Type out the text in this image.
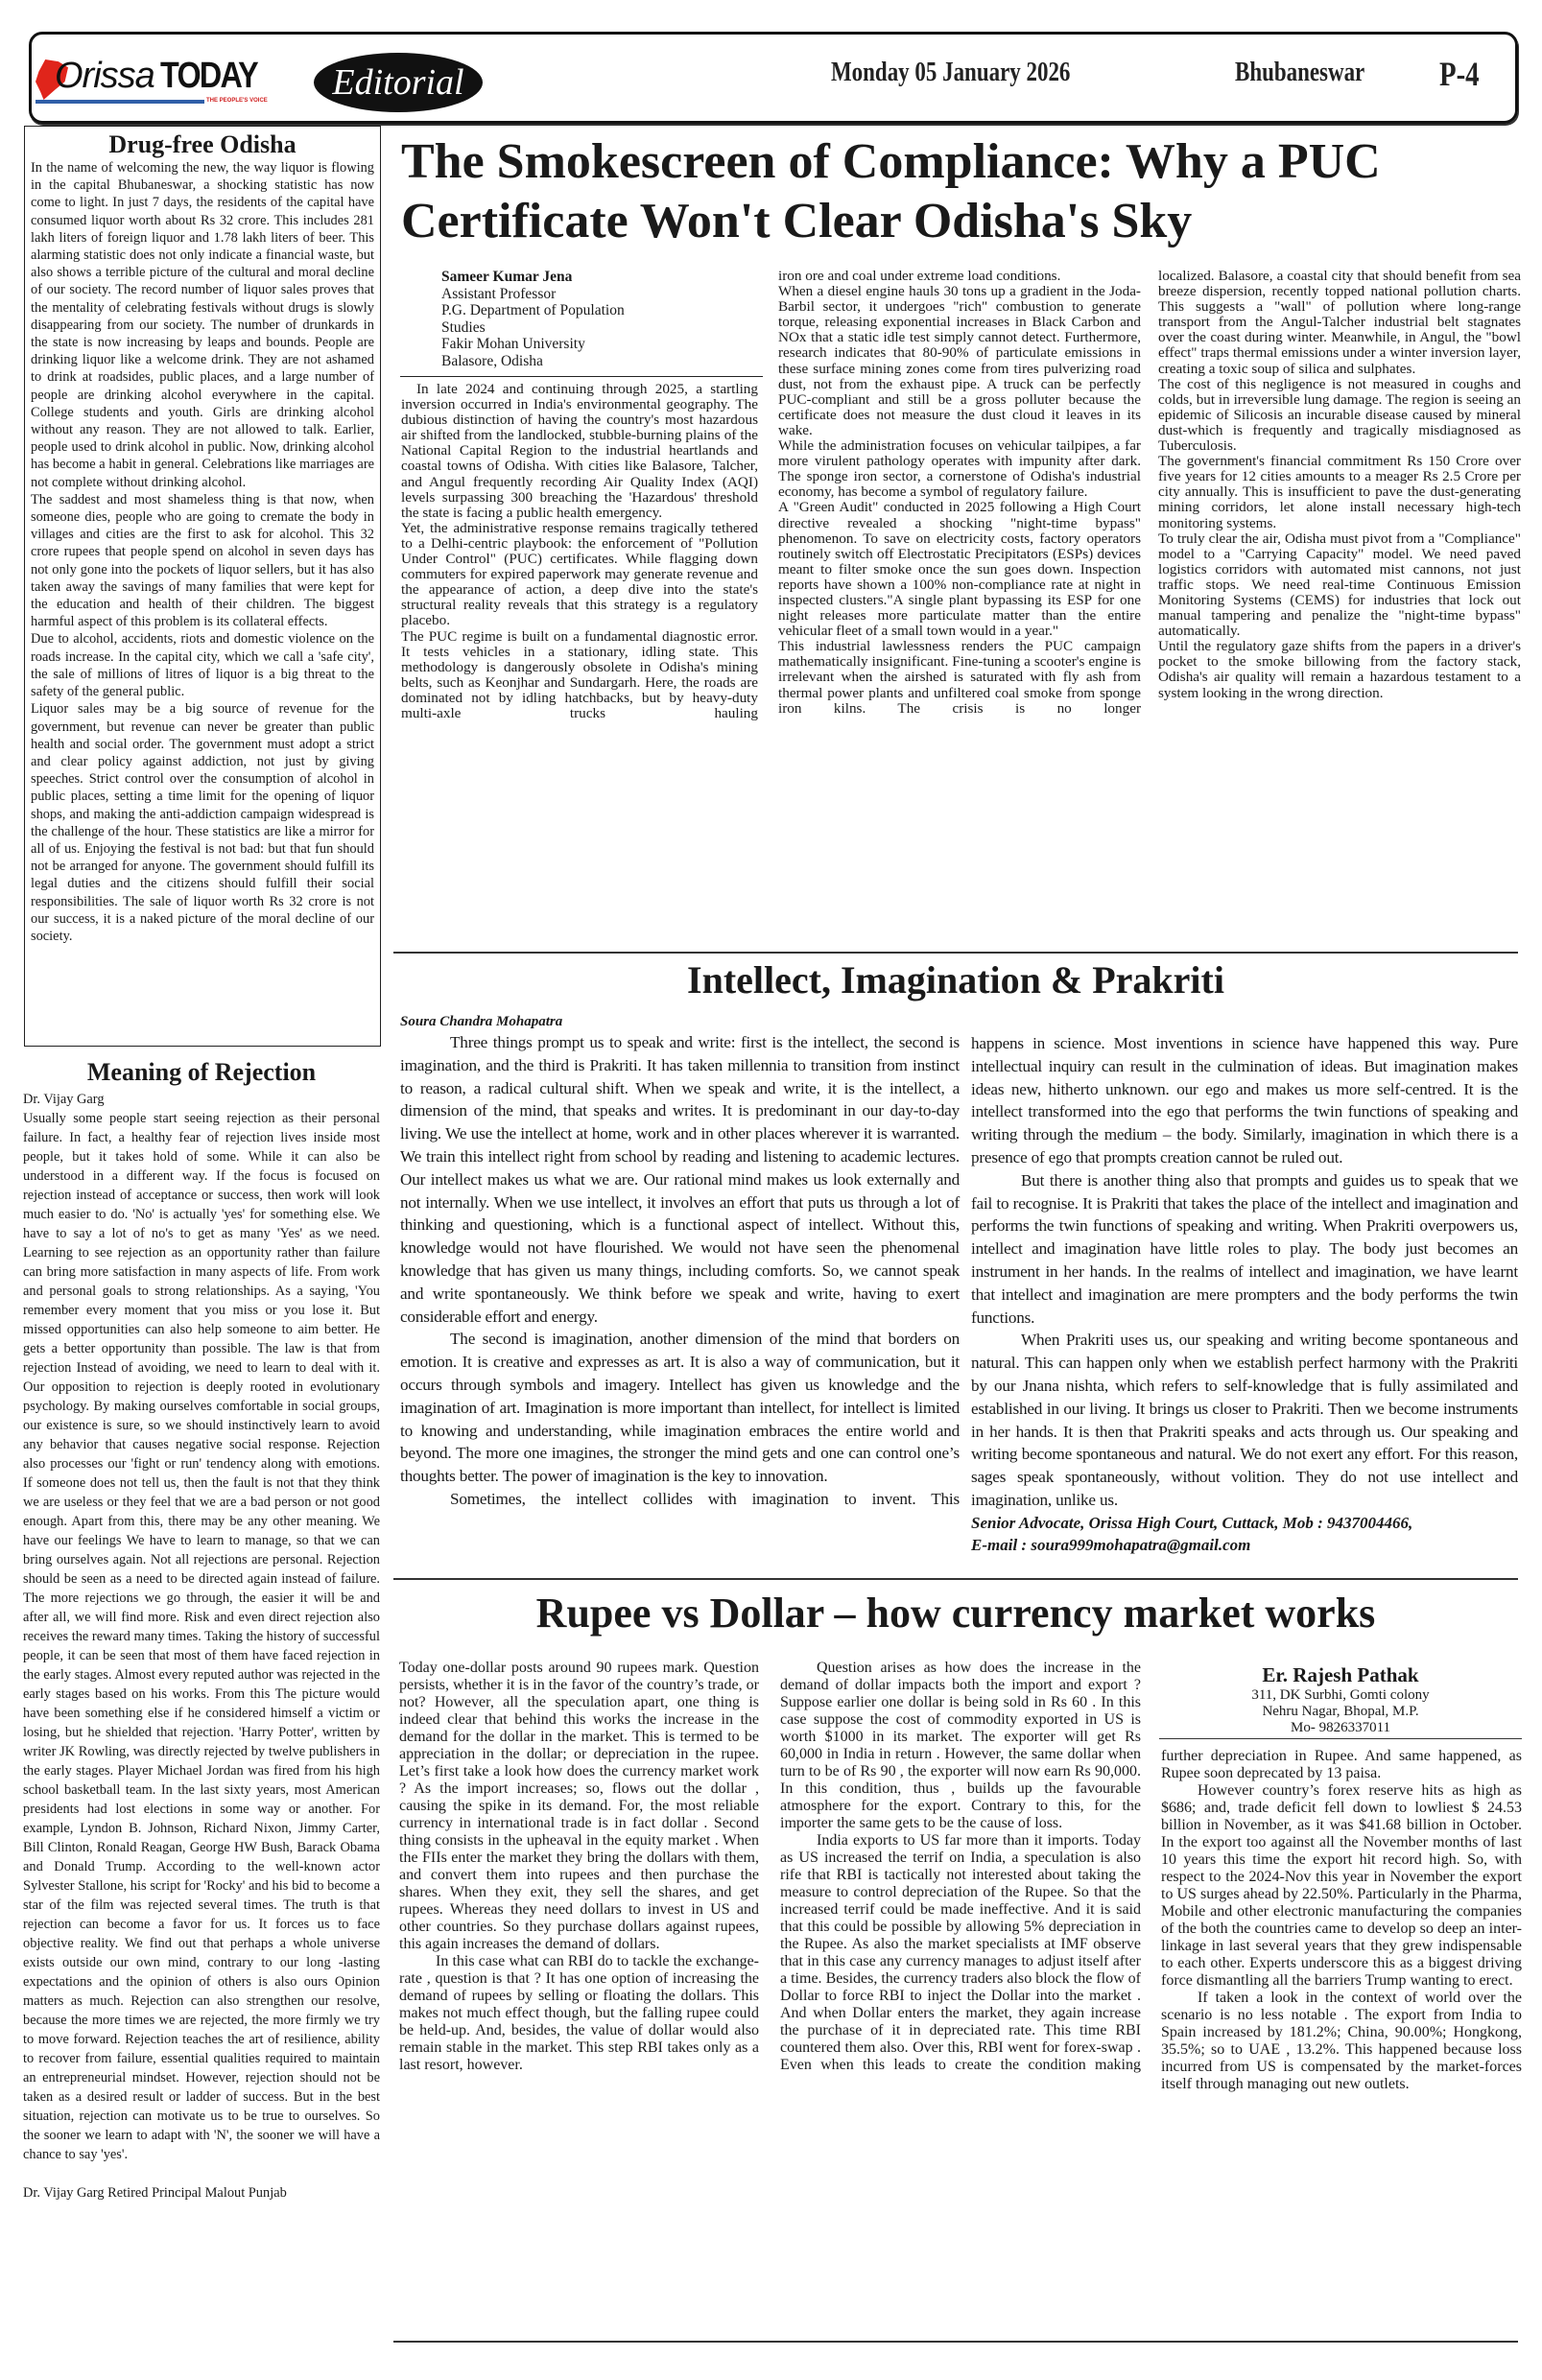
Orissa TODAY
THE PEOPLE'S VOICE	Editorial	Monday 05 January 2026	Bhubaneswar P-4
Drug-free Odisha

In the name of welcoming the new, the way liquor is flowing in the capital Bhubaneswar, a shocking statistic has now come to light. In just 7 days, the residents of the capital have consumed liquor worth about Rs 32 crore. This includes 281 lakh liters of foreign liquor and 1.78 lakh liters of beer. This alarming statistic does not only indicate a financial waste, but also shows a terrible picture of the cultural and moral decline of our society. The record number of liquor sales proves that the mentality of celebrating festivals without drugs is slowly disappearing from our society. The number of drunkards in the state is now increasing by leaps and bounds. People are drinking liquor like a welcome drink. They are not ashamed to drink at roadsides, public places, and a large number of people are drinking alcohol everywhere in the capital. College students and youth. Girls are drinking alcohol without any reason. They are not allowed to talk. Earlier, people used to drink alcohol in public. Now, drinking alcohol has become a habit in general. Celebrations like marriages are not complete without drinking alcohol.

The saddest and most shameless thing is that now, when someone dies, people who are going to cremate the body in villages and cities are the first to ask for alcohol. This 32 crore rupees that people spend on alcohol in seven days has not only gone into the pockets of liquor sellers, but it has also taken away the savings of many families that were kept for the education and health of their children. The biggest harmful aspect of this problem is its collateral effects.

Due to alcohol, accidents, riots and domestic violence on the roads increase. In the capital city, which we call a 'safe city', the sale of millions of litres of liquor is a big threat to the safety of the general public.

Liquor sales may be a big source of revenue for the government, but revenue can never be greater than public health and social order. The government must adopt a strict and clear policy against addiction, not just by giving speeches. Strict control over the consumption of alcohol in public places, setting a time limit for the opening of liquor shops, and making the anti-addiction campaign widespread is the challenge of the hour. These statistics are like a mirror for all of us. Enjoying the festival is not bad: but that fun should not be arranged for anyone. The government should fulfill its legal duties and the citizens should fulfill their social responsibilities. The sale of liquor worth Rs 32 crore is not our success, it is a naked picture of the moral decline of our society.

Meaning of Rejection

Dr. Vijay Garg

Usually some people start seeing rejection as their personal failure. In fact, a healthy fear of rejection lives inside most people, but it takes hold of some. While it can also be understood in a different way. If the focus is focused on rejection instead of acceptance or success, then work will look much easier to do. 'No' is actually 'yes' for something else. We have to say a lot of no's to get as many 'Yes' as we need. Learning to see rejection as an opportunity rather than failure can bring more satisfaction in many aspects of life. From work and personal goals to strong relationships. As a saying, 'You remember every moment that you miss or you lose it. But missed opportunities can also help someone to aim better. He gets a better opportunity than possible. The law is that from rejection Instead of avoiding, we need to learn to deal with it. Our opposition to rejection is deeply rooted in evolutionary psychology. By making ourselves comfortable in social groups, our existence is sure, so we should instinctively learn to avoid any behavior that causes negative social response. Rejection also processes our 'fight or run' tendency along with emotions. If someone does not tell us, then the fault is not that they think we are useless or they feel that we are a bad person or not good enough. Apart from this, there may be any other meaning. We have our feelings We have to learn to manage, so that we can bring ourselves again. Not all rejections are personal. Rejection should be seen as a need to be directed again instead of failure. The more rejections we go through, the easier it will be and after all, we will find more. Risk and even direct rejection also receives the reward many times. Taking the history of successful people, it can be seen that most of them have faced rejection in the early stages. Almost every reputed author was rejected in the early stages based on his works. From this The picture would have been something else if he considered himself a victim or losing, but he shielded that rejection. 'Harry Potter', written by writer JK Rowling, was directly rejected by twelve publishers in the early stages. Player Michael Jordan was fired from his high school basketball team. In the last sixty years, most American presidents had lost elections in some way or another. For example, Lyndon B. Johnson, Richard Nixon, Jimmy Carter, Bill Clinton, Ronald Reagan, George HW Bush, Barack Obama and Donald Trump. According to the well-known actor Sylvester Stallone, his script for 'Rocky' and his bid to become a star of the film was rejected several times. The truth is that rejection can become a favor for us. It forces us to face objective reality. We find out that perhaps a whole universe exists outside our own mind, contrary to our long -lasting expectations and the opinion of others is also ours Opinion matters as much. Rejection can also strengthen our resolve, because the more times we are rejected, the more firmly we try to move forward. Rejection teaches the art of resilience, ability to recover from failure, essential qualities required to maintain an entrepreneurial mindset. However, rejection should not be taken as a desired result or ladder of success. But in the best situation, rejection can motivate us to be true to ourselves. So the sooner we learn to adapt with 'N', the sooner we will have a chance to say 'yes'.

Dr. Vijay Garg Retired Principal Malout Punjab

The Smokescreen of Compliance: Why a PUC Certificate Won't Clear Odisha's Sky
Sameer Kumar Jena
Assistant Professor
P.G. Department of Population
Studies
Fakir Mohan University
Balasore, Odisha

In late 2024 and continuing through 2025, a startling inversion occurred in India's environmental geography. The dubious distinction of having the country's most hazardous air shifted from the landlocked, stubble-burning plains of the National Capital Region to the industrial heartlands and coastal towns of Odisha. With cities like Balasore, Talcher, and Angul frequently recording Air Quality Index (AQI) levels surpassing 300 breaching the 'Hazardous' threshold the state is facing a public health emergency.

Yet, the administrative response remains tragically tethered to a Delhi-centric playbook: the enforcement of "Pollution Under Control" (PUC) certificates. While flagging down commuters for expired paperwork may generate revenue and the appearance of action, a deep dive into the state's structural reality reveals that this strategy is a regulatory placebo.

The PUC regime is built on a fundamental diagnostic error. It tests vehicles in a stationary, idling state. This methodology is dangerously obsolete in Odisha's mining belts, such as Keonjhar and Sundargarh. Here, the roads are dominated not by idling hatchbacks, but by heavy-duty multi-axle trucks hauling

iron ore and coal under extreme load conditions.

When a diesel engine hauls 30 tons up a gradient in the Joda-Barbil sector, it undergoes "rich" combustion to generate torque, releasing exponential increases in Black Carbon and NOx that a static idle test simply cannot detect. Furthermore, research indicates that 80-90% of particulate emissions in these surface mining zones come from tires pulverizing road dust, not from the exhaust pipe. A truck can be perfectly PUC-compliant and still be a gross polluter because the certificate does not measure the dust cloud it leaves in its wake.

While the administration focuses on vehicular tailpipes, a far more virulent pathology operates with impunity after dark. The sponge iron sector, a cornerstone of Odisha's industrial economy, has become a symbol of regulatory failure.

A "Green Audit" conducted in 2025 following a High Court directive revealed a shocking "night-time bypass" phenomenon. To save on electricity costs, factory operators routinely switch off Electrostatic Precipitators (ESPs) devices meant to filter smoke once the sun goes down. Inspection reports have shown a 100% non-compliance rate at night in inspected clusters."A single plant bypassing its ESP for one night releases more particulate matter than the entire vehicular fleet of a small town would in a year."

This industrial lawlessness renders the PUC campaign mathematically insignificant. Fine-tuning a scooter's engine is irrelevant when the airshed is saturated with fly ash from thermal power plants and unfiltered coal smoke from sponge iron kilns. The crisis is no longer

localized. Balasore, a coastal city that should benefit from sea breeze dispersion, recently topped national pollution charts. This suggests a "wall" of pollution where long-range transport from the Angul-Talcher industrial belt stagnates over the coast during winter. Meanwhile, in Angul, the "bowl effect" traps thermal emissions under a winter inversion layer, creating a toxic soup of silica and sulphates.

The cost of this negligence is not measured in coughs and colds, but in irreversible lung damage. The region is seeing an epidemic of Silicosis an incurable disease caused by mineral dust-which is frequently and tragically misdiagnosed as Tuberculosis.

The government's financial commitment Rs 150 Crore over five years for 12 cities amounts to a meager Rs 2.5 Crore per city annually. This is insufficient to pave the dust-generating mining corridors, let alone install necessary high-tech monitoring systems.

To truly clear the air, Odisha must pivot from a "Compliance" model to a "Carrying Capacity" model. We need paved logistics corridors with automated mist cannons, not just traffic stops. We need real-time Continuous Emission Monitoring Systems (CEMS) for industries that lock out manual tampering and penalize the "night-time bypass" automatically.

Until the regulatory gaze shifts from the papers in a driver's pocket to the smoke billowing from the factory stack, Odisha's air quality will remain a hazardous testament to a system looking in the wrong direction.

Intellect, Imagination & Prakriti

Soura Chandra Mohapatra

Three things prompt us to speak and write: first is the intellect, the second is imagination, and the third is Prakriti. It has taken millennia to transition from instinct to reason, a radical cultural shift. When we speak and write, it is the intellect, a dimension of the mind, that speaks and writes. It is predominant in our day-to-day living. We use the intellect at home, work and in other places wherever it is warranted. We train this intellect right from school by reading and listening to academic lectures. Our intellect makes us what we are. Our rational mind makes us look externally and not internally. When we use intellect, it involves an effort that puts us through a lot of thinking and questioning, which is a functional aspect of intellect. Without this, knowledge would not have flourished. We would not have seen the phenomenal knowledge that has given us many things, including comforts. So, we cannot speak and write spontaneously. We think before we speak and write, having to exert considerable effort and energy.

The second is imagination, another dimension of the mind that borders on emotion. It is creative and expresses as art. It is also a way of communication, but it occurs through symbols and imagery. Intellect has given us knowledge and the imagination of art. Imagination is more important than intellect, for intellect is limited to knowing and understanding, while imagination embraces the entire world and beyond. The more one imagines, the stronger the mind gets and one can control one’s thoughts better. The power of imagination is the key to innovation.

Sometimes, the intellect collides with imagination to invent. This

happens in science. Most inventions in science have happened this way. Pure intellectual inquiry can result in the culmination of ideas. But imagination makes ideas new, hitherto unknown. our ego and makes us more self-centred. It is the intellect transformed into the ego that performs the twin functions of speaking and writing through the medium – the body. Similarly, imagination in which there is a presence of ego that prompts creation cannot be ruled out.

But there is another thing also that prompts and guides us to speak that we fail to recognise. It is Prakriti that takes the place of the intellect and imagination and performs the twin functions of speaking and writing. When Prakriti overpowers us, intellect and imagination have little roles to play. The body just becomes an instrument in her hands. In the realms of intellect and imagination, we have learnt that intellect and imagination are mere prompters and the body performs the twin functions.

When Prakriti uses us, our speaking and writing become spontaneous and natural. This can happen only when we establish perfect harmony with the Prakriti by our Jnana nishta, which refers to self-knowledge that is fully assimilated and established in our living. It brings us closer to Prakriti. Then we become instruments in her hands. It is then that Prakriti speaks and acts through us. Our speaking and writing become spontaneous and natural. We do not exert any effort. For this reason, sages speak spontaneously, without volition. They do not use intellect and imagination, unlike us.

Senior Advocate, Orissa High Court, Cuttack, Mob : 9437004466,

E-mail : soura999mohapatra@gmail.com

Rupee vs Dollar – how currency market works

Today one-dollar posts around 90 rupees mark. Question persists, whether it is in the favor of the country’s trade, or not? However, all the speculation apart, one thing is indeed clear that behind this works the increase in the demand for the dollar in the market. This is termed to be appreciation in the dollar; or depreciation in the rupee. Let’s first take a look how does the currency market work ? As the import increases; so, flows out the dollar , causing the spike in its demand. For, the most reliable currency in international trade is in fact dollar . Second thing consists in the upheaval in the equity market . When the FIIs enter the market they bring the dollars with them, and convert them into rupees and then purchase the shares. When they exit, they sell the shares, and get rupees. Whereas they need dollars to invest in US and other countries. So they purchase dollars against rupees, this again increases the demand of dollars.

In this case what can RBI do to tackle the exchange-rate , question is that ? It has one option of increasing the demand of rupees by selling or floating the dollars. This makes not much effect though, but the falling rupee could be held-up. And, besides, the value of dollar would also remain stable in the market. This step RBI takes only as a last resort, however.

Question arises as how does the increase in the demand of dollar impacts both the import and export ? Suppose earlier one dollar is being sold in Rs 60 . In this case suppose the cost of commodity exported in US is worth $1000 in its market. The exporter will get Rs 60,000 in India in return . However, the same dollar when turn to be of Rs 90 , the exporter will now earn Rs 90,000. In this condition, thus , builds up the favourable atmosphere for the export. Contrary to this, for the importer the same gets to be the cause of loss.

India exports to US far more than it imports. Today as US increased the terrif on India, a speculation is also rife that RBI is tactically not interested about taking the measure to control depreciation of the Rupee. So that the increased terrif could be made ineffective. And it is said that this could be possible by allowing 5% depreciation in the Rupee. As also the market specialists at IMF observe that in this case any currency manages to adjust itself after a time. Besides, the currency traders also block the flow of Dollar to force RBI to inject the Dollar into the market . And when Dollar enters the market, they again increase the purchase of it in depreciated rate. This time RBI countered them also. Over this, RBI went for forex-swap . Even when this leads to create the condition making

Er. Rajesh Pathak
311, DK Surbhi, Gomti colony
Nehru Nagar, Bhopal, M.P.
Mo- 9826337011

further depreciation in Rupee. And same happened, as Rupee soon deprecated by 13 paisa.

However country’s forex reserve hits as high as $686; and, trade deficit fell down to lowliest $ 24.53 billion in November, as it was $41.68 billion in October. In the export too against all the November months of last 10 years this time the export hit record high. So, with respect to the 2024-Nov this year in November the export to US surges ahead by 22.50%. Particularly in the Pharma, Mobile and other electronic manufacturing the companies of the both the countries came to develop so deep an inter-linkage in last several years that they grew indispensable to each other. Experts underscore this as a biggest driving force dismantling all the barriers Trump wanting to erect.

If taken a look in the context of world over the scenario is no less notable . The export from India to Spain increased by 181.2%; China, 90.00%; Hongkong, 35.5%; so to UAE , 13.2%. This happened because loss incurred from US is compensated by the market-forces itself through managing out new outlets.
